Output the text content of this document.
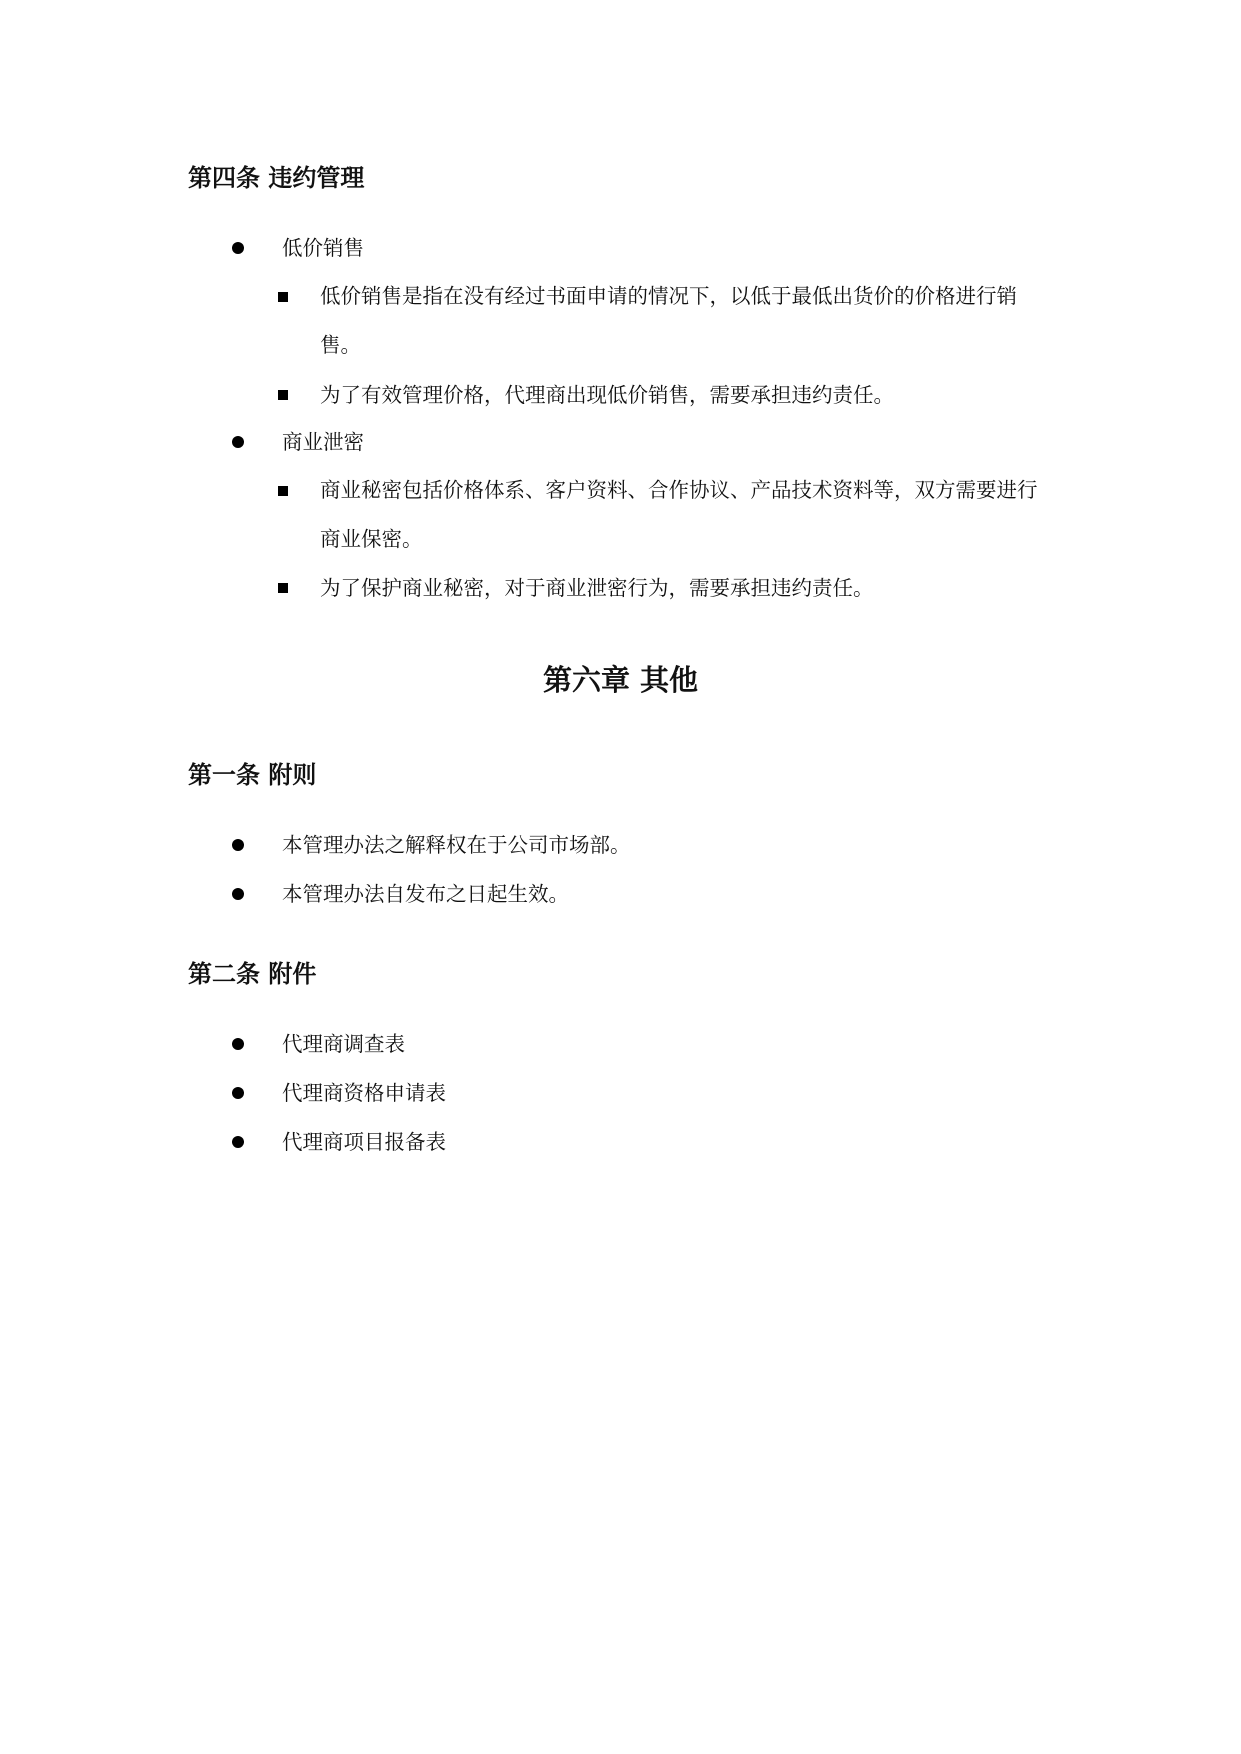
第四条 违约管理
低价销售
低价销售是指在没有经过书面申请的情况下，以低于最低出货价的价格进行销售。
为了有效管理价格，代理商出现低价销售，需要承担违约责任。
商业泄密
商业秘密包括价格体系、客户资料、合作协议、产品技术资料等，双方需要进行商业保密。
为了保护商业秘密，对于商业泄密行为，需要承担违约责任。
第六章 其他
第一条 附则
本管理办法之解释权在于公司市场部。
本管理办法自发布之日起生效。
第二条 附件
代理商调查表
代理商资格申请表
代理商项目报备表
